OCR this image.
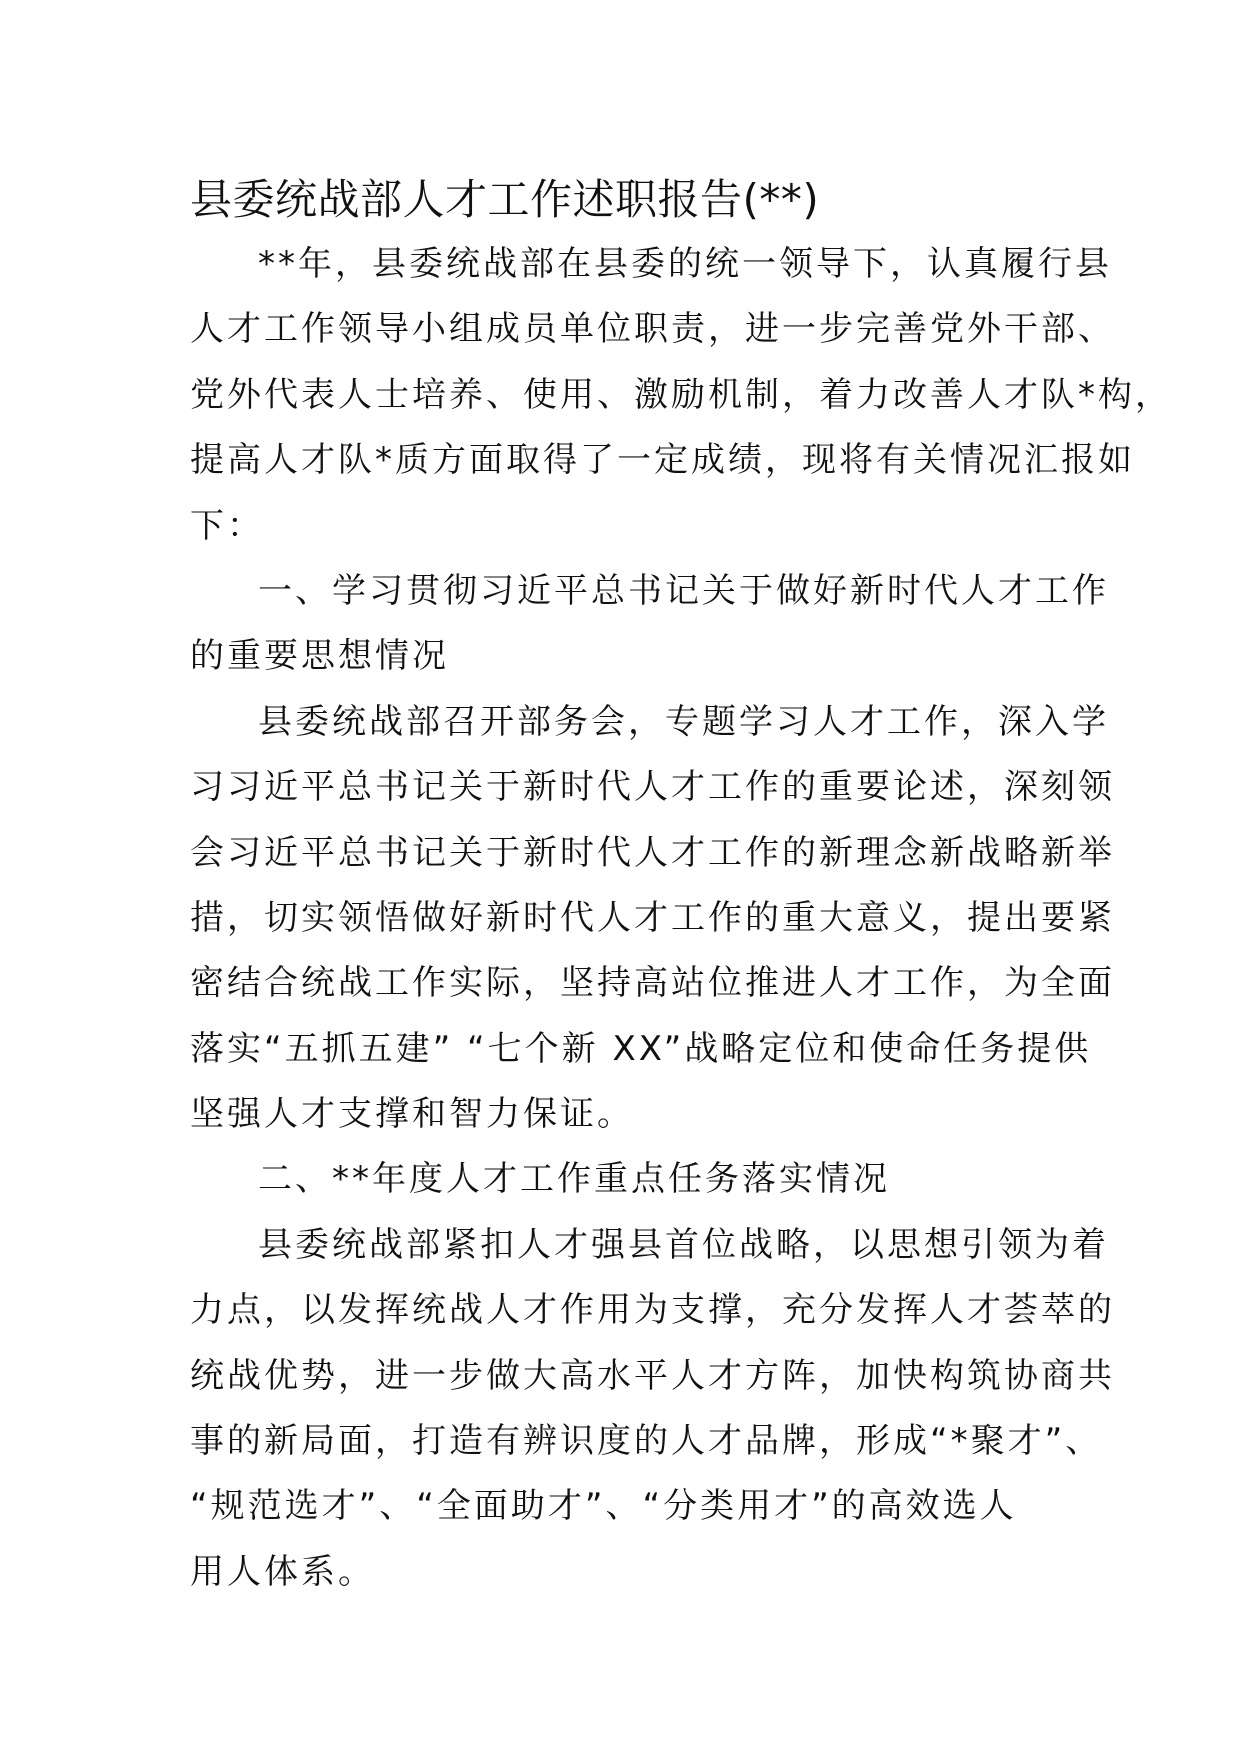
县委统战部人才工作述职报告(**)
**年，县委统战部在县委的统一领导下，认真履行县
人才工作领导小组成员单位职责，进一步完善党外干部、
党外代表人士培养、使用、激励机制，着力改善人才队*构，
提高人才队*质方面取得了一定成绩，现将有关情况汇报如
下：
一、学习贯彻习近平总书记关于做好新时代人才工作
的重要思想情况
县委统战部召开部务会，专题学习人才工作，深入学
习习近平总书记关于新时代人才工作的重要论述，深刻领
会习近平总书记关于新时代人才工作的新理念新战略新举
措，切实领悟做好新时代人才工作的重大意义，提出要紧
密结合统战工作实际，坚持高站位推进人才工作，为全面
落实“五抓五建” “七个新 XX”战略定位和使命任务提供
坚强人才支撑和智力保证。
二、**年度人才工作重点任务落实情况
县委统战部紧扣人才强县首位战略，以思想引领为着
力点，以发挥统战人才作用为支撑，充分发挥人才荟萃的
统战优势，进一步做大高水平人才方阵，加快构筑协商共
事的新局面，打造有辨识度的人才品牌，形成“*聚才”、
“规范选才”、“全面助才”、“分类用才”的高效选人
用人体系。
